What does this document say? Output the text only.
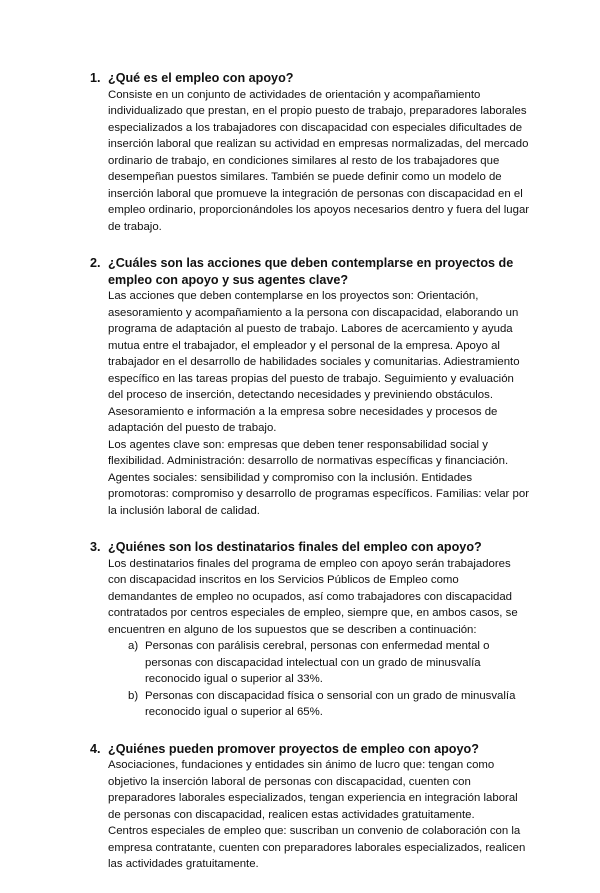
1. ¿Qué es el empleo con apoyo?

Consiste en un conjunto de actividades de orientación y acompañamiento individualizado que prestan, en el propio puesto de trabajo, preparadores laborales especializados a los trabajadores con discapacidad con especiales dificultades de inserción laboral que realizan su actividad en empresas normalizadas, del mercado ordinario de trabajo, en condiciones similares al resto de los trabajadores que desempeñan puestos similares. También se puede definir como un modelo de inserción laboral que promueve la integración de personas con discapacidad en el empleo ordinario, proporcionándoles los apoyos necesarios dentro y fuera del lugar de trabajo.

2. ¿Cuáles son las acciones que deben contemplarse en proyectos de empleo con apoyo y sus agentes clave?

Las acciones que deben contemplarse en los proyectos son: Orientación, asesoramiento y acompañamiento a la persona con discapacidad, elaborando un programa de adaptación al puesto de trabajo. Labores de acercamiento y ayuda mutua entre el trabajador, el empleador y el personal de la empresa. Apoyo al trabajador en el desarrollo de habilidades sociales y comunitarias. Adiestramiento específico en las tareas propias del puesto de trabajo. Seguimiento y evaluación del proceso de inserción, detectando necesidades y previniendo obstáculos. Asesoramiento e información a la empresa sobre necesidades y procesos de adaptación del puesto de trabajo.

Los agentes clave son: empresas que deben tener responsabilidad social y flexibilidad. Administración: desarrollo de normativas específicas y financiación. Agentes sociales: sensibilidad y compromiso con la inclusión. Entidades promotoras: compromiso y desarrollo de programas específicos. Familias: velar por la inclusión laboral de calidad.

3. ¿Quiénes son los destinatarios finales del empleo con apoyo?

Los destinatarios finales del programa de empleo con apoyo serán trabajadores con discapacidad inscritos en los Servicios Públicos de Empleo como demandantes de empleo no ocupados, así como trabajadores con discapacidad contratados por centros especiales de empleo, siempre que, en ambos casos, se encuentren en alguno de los supuestos que se describen a continuación:

a) Personas con parálisis cerebral, personas con enfermedad mental o personas con discapacidad intelectual con un grado de minusvalía reconocido igual o superior al 33%.
b) Personas con discapacidad física o sensorial con un grado de minusvalía reconocido igual o superior al 65%.
4. ¿Quiénes pueden promover proyectos de empleo con apoyo?

Asociaciones, fundaciones y entidades sin ánimo de lucro que: tengan como objetivo la inserción laboral de personas con discapacidad, cuenten con preparadores laborales especializados, tengan experiencia en integración laboral de personas con discapacidad, realicen estas actividades gratuitamente.

Centros especiales de empleo que: suscriban un convenio de colaboración con la empresa contratante, cuenten con preparadores laborales especializados, realicen las actividades gratuitamente.
